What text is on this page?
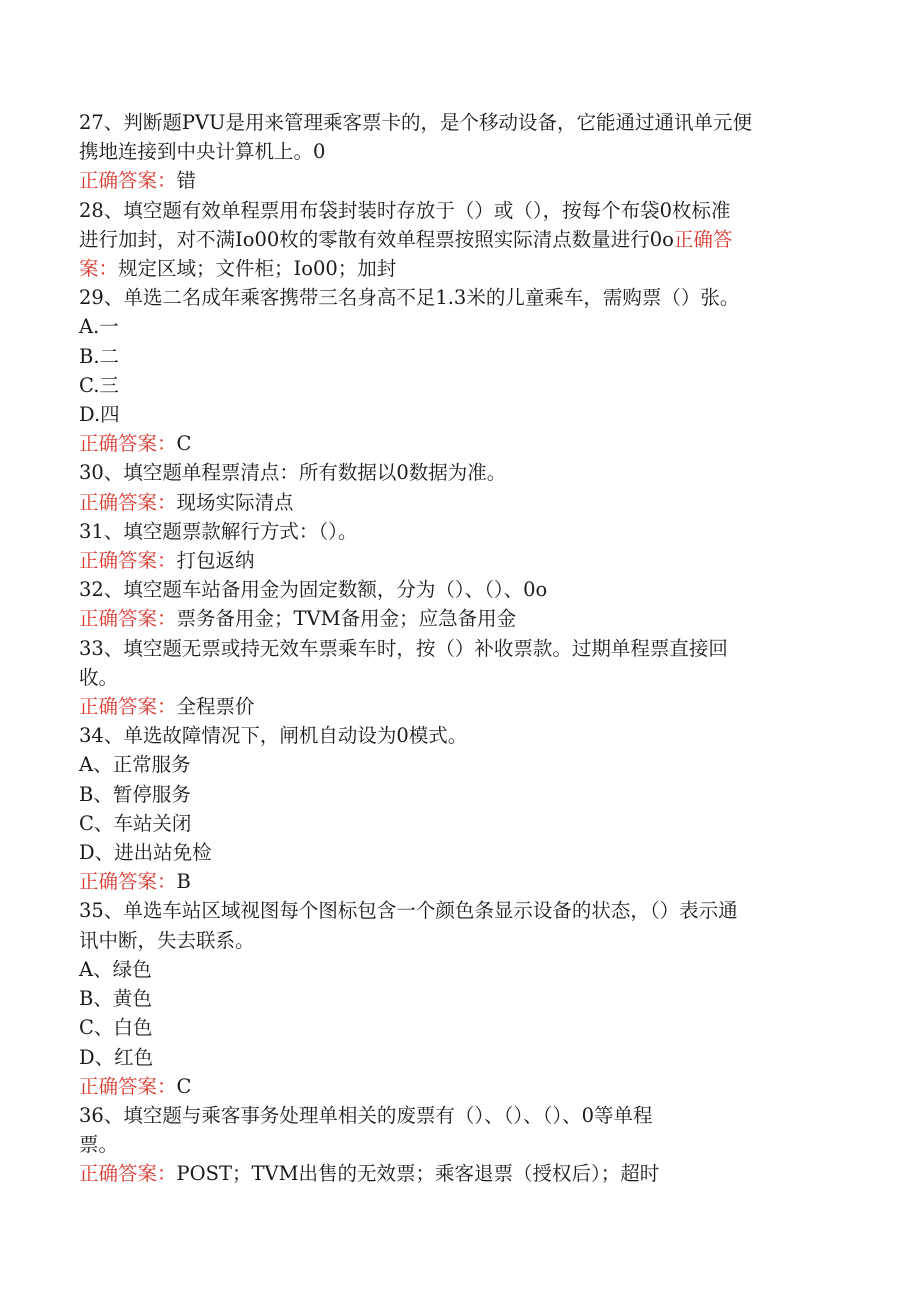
27、判断题PVU是用来管理乘客票卡的，是个移动设备，它能通过通讯单元便
携地连接到中央计算机上。0
正确答案：错
28、填空题有效单程票用布袋封装时存放于（）或（），按每个布袋0枚标准
进行加封，对不满Io00枚的零散有效单程票按照实际清点数量进行0o正确答
案：规定区域；文件柜；Io00；加封
29、单选二名成年乘客携带三名身高不足1.3米的儿童乘车，需购票（）张。
A.一
B.二
C.三
D.四
正确答案：C
30、填空题单程票清点：所有数据以0数据为准。
正确答案：现场实际清点
31、填空题票款解行方式：（）。
正确答案：打包返纳
32、填空题车站备用金为固定数额，分为（）、（）、0o
正确答案：票务备用金；TVM备用金；应急备用金
33、填空题无票或持无效车票乘车时，按（）补收票款。过期单程票直接回
收。
正确答案：全程票价
34、单选故障情况下，闸机自动设为0模式。
A、正常服务
B、暂停服务
C、车站关闭
D、进出站免检
正确答案：B
35、单选车站区域视图每个图标包含一个颜色条显示设备的状态，（）表示通
讯中断，失去联系。
A、绿色
B、黄色
C、白色
D、红色
正确答案：C
36、填空题与乘客事务处理单相关的废票有（）、（）、（）、0等单程
票。
正确答案：POST；TVM出售的无效票；乘客退票（授权后）；超时
